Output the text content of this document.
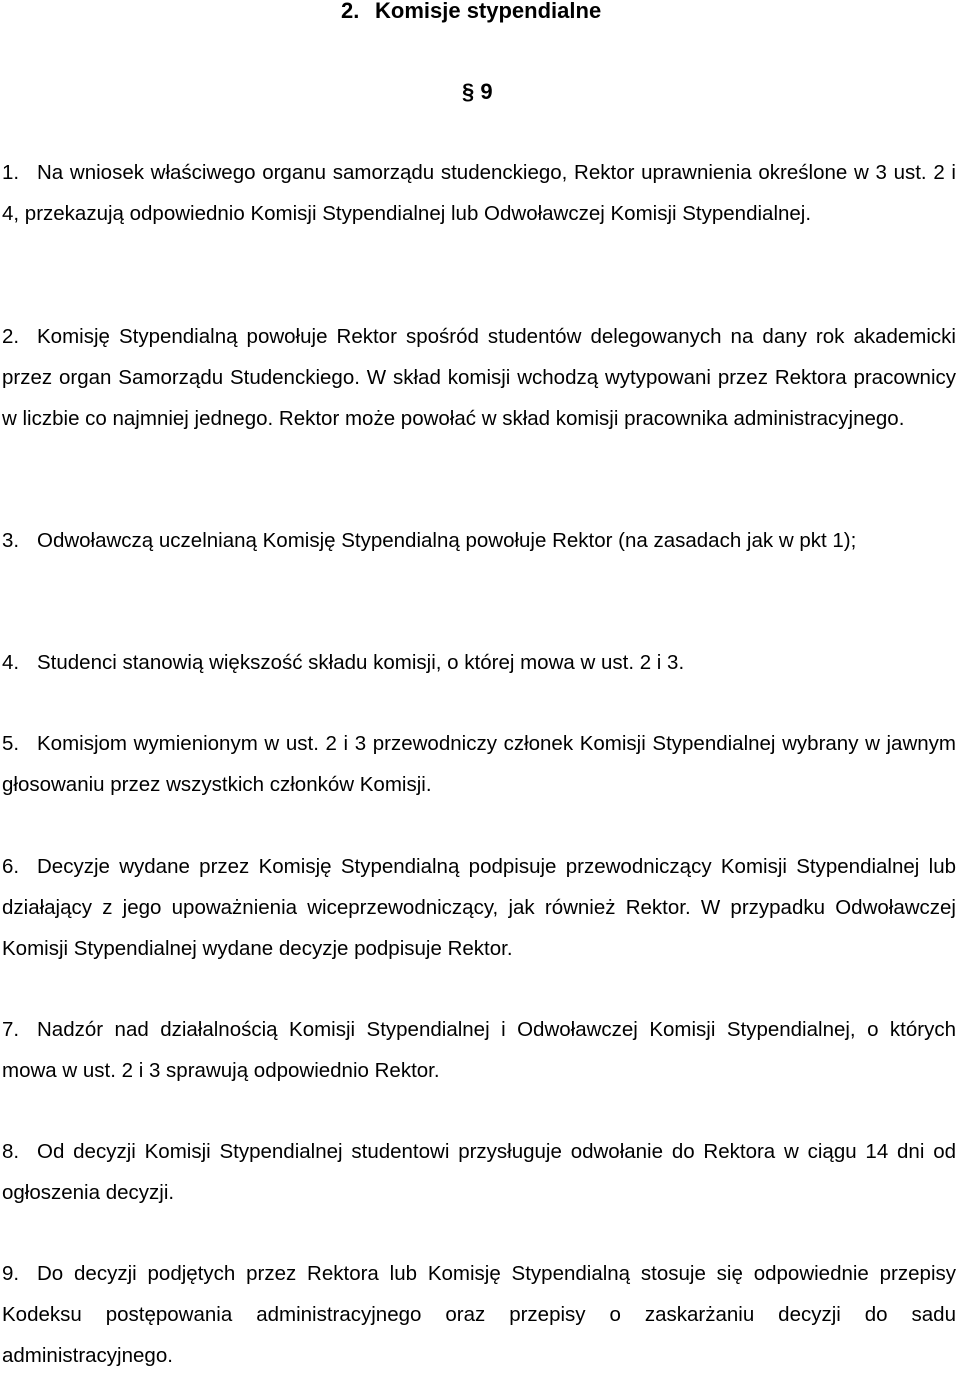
2. Komisje stypendialne
§ 9

1. Na wniosek właściwego organu samorządu studenckiego, Rektor uprawnienia określone w 3 ust. 2 i 4, przekazują odpowiednio Komisji Stypendialnej lub Odwoławczej Komisji Stypendialnej.

2. Komisję Stypendialną powołuje Rektor spośród studentów delegowanych na dany rok akademicki przez organ Samorządu Studenckiego. W skład komisji wchodzą wytypowani przez Rektora pracownicy w liczbie co najmniej jednego. Rektor może powołać w skład komisji pracownika administracyjnego.

3. Odwoławczą uczelnianą Komisję Stypendialną powołuje Rektor (na zasadach jak w pkt 1);

4. Studenci stanowią większość składu komisji, o której mowa w ust. 2 i 3.

5. Komisjom wymienionym w ust. 2 i 3 przewodniczy członek Komisji Stypendialnej wybrany w jawnym głosowaniu przez wszystkich członków Komisji.

6. Decyzje wydane przez Komisję Stypendialną podpisuje przewodniczący Komisji Stypendialnej lub działający z jego upoważnienia wiceprzewodniczący, jak również Rektor. W przypadku Odwoławczej Komisji Stypendialnej wydane decyzje podpisuje Rektor.

7. Nadzór nad działalnością Komisji Stypendialnej i Odwoławczej Komisji Stypendialnej, o których mowa w ust. 2 i 3 sprawują odpowiednio Rektor.

8. Od decyzji Komisji Stypendialnej studentowi przysługuje odwołanie do Rektora w ciągu 14 dni od ogłoszenia decyzji.

9. Do decyzji podjętych przez Rektora lub Komisję Stypendialną stosuje się odpowiednie przepisy Kodeksu postępowania administracyjnego oraz przepisy o zaskarżaniu decyzji do sadu administracyjnego.
